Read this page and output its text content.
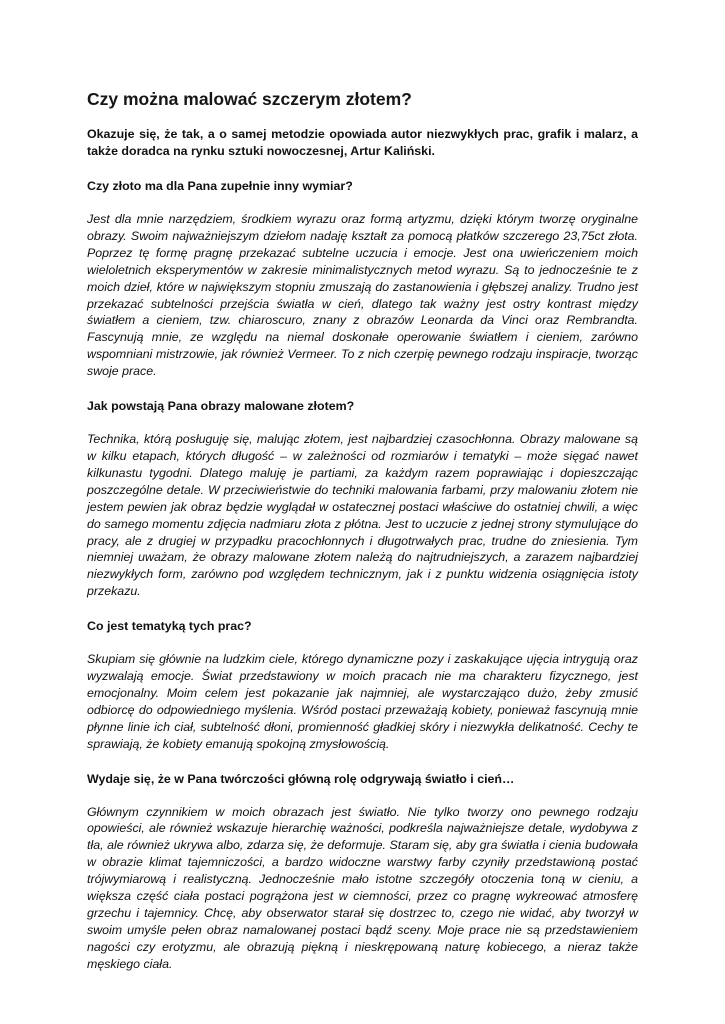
Czy można malować szczerym złotem?

Okazuje się, że tak, a o samej metodzie opowiada autor niezwykłych prac, grafik i malarz, a także doradca na rynku sztuki nowoczesnej, Artur Kaliński.

Czy złoto ma dla Pana zupełnie inny wymiar?

Jest dla mnie narzędziem, środkiem wyrazu oraz formą artyzmu, dzięki którym tworzę oryginalne obrazy. Swoim najważniejszym dziełom nadaję kształt za pomocą płatków szczerego 23,75ct złota. Poprzez tę formę pragnę przekazać subtelne uczucia i emocje. Jest ona uwieńczeniem moich wieloletnich eksperymentów w zakresie minimalistycznych metod wyrazu. Są to jednocześnie te z moich dzieł, które w największym stopniu zmuszają do zastanowienia i głębszej analizy. Trudno jest przekazać subtelności przejścia światła w cień, dlatego tak ważny jest ostry kontrast między światłem a cieniem, tzw. chiaroscuro, znany z obrazów Leonarda da Vinci oraz Rembrandta. Fascynują mnie, ze względu na niemal doskonałe operowanie światłem i cieniem, zarówno wspomniani mistrzowie, jak również Vermeer. To z nich czerpię pewnego rodzaju inspiracje, tworząc swoje prace.

Jak powstają Pana obrazy malowane złotem?

Technika, którą posługuję się, malując złotem, jest najbardziej czasochłonna. Obrazy malowane są w kilku etapach, których długość – w zależności od rozmiarów i tematyki – może sięgać nawet kilkunastu tygodni. Dlatego maluję je partiami, za każdym razem poprawiając i dopieszczając poszczególne detale. W przeciwieństwie do techniki malowania farbami, przy malowaniu złotem nie jestem pewien jak obraz będzie wyglądał w ostatecznej postaci właściwe do ostatniej chwili, a więc do samego momentu zdjęcia nadmiaru złota z płótna. Jest to uczucie z jednej strony stymulujące do pracy, ale z drugiej w przypadku pracochłonnych i długotrwałych prac, trudne do zniesienia. Tym niemniej uważam, że obrazy malowane złotem należą do najtrudniejszych, a zarazem najbardziej niezwykłych form, zarówno pod względem technicznym, jak i z punktu widzenia osiągnięcia istoty przekazu.

Co jest tematyką tych prac?

Skupiam się głównie na ludzkim ciele, którego dynamiczne pozy i zaskakujące ujęcia intrygują oraz wyzwalają emocje. Świat przedstawiony w moich pracach nie ma charakteru fizycznego, jest emocjonalny. Moim celem jest pokazanie jak najmniej, ale wystarczająco dużo, żeby zmusić odbiorcę do odpowiedniego myślenia. Wśród postaci przeważają kobiety, ponieważ fascynują mnie płynne linie ich ciał, subtelność dłoni, promienność gładkiej skóry i niezwykła delikatność. Cechy te sprawiają, że kobiety emanują spokojną zmysłowością.

Wydaje się, że w Pana twórczości główną rolę odgrywają światło i cień…

Głównym czynnikiem w moich obrazach jest światło. Nie tylko tworzy ono pewnego rodzaju opowieści, ale również wskazuje hierarchię ważności, podkreśla najważniejsze detale, wydobywa z tła, ale również ukrywa albo, zdarza się, że deformuje. Staram się, aby gra światła i cienia budowała w obrazie klimat tajemniczości, a bardzo widoczne warstwy farby czyniły przedstawioną postać trójwymiarową i realistyczną. Jednocześnie mało istotne szczegóły otoczenia toną w cieniu, a większa część ciała postaci pogrążona jest w ciemności, przez co pragnę wykreować atmosferę grzechu i tajemnicy. Chcę, aby obserwator starał się dostrzec to, czego nie widać, aby tworzył w swoim umyśle pełen obraz namalowanej postaci bądź sceny. Moje prace nie są przedstawieniem nagości czy erotyzmu, ale obrazują piękną i nieskrępowaną naturę kobiecego, a nieraz także męskiego ciała.
